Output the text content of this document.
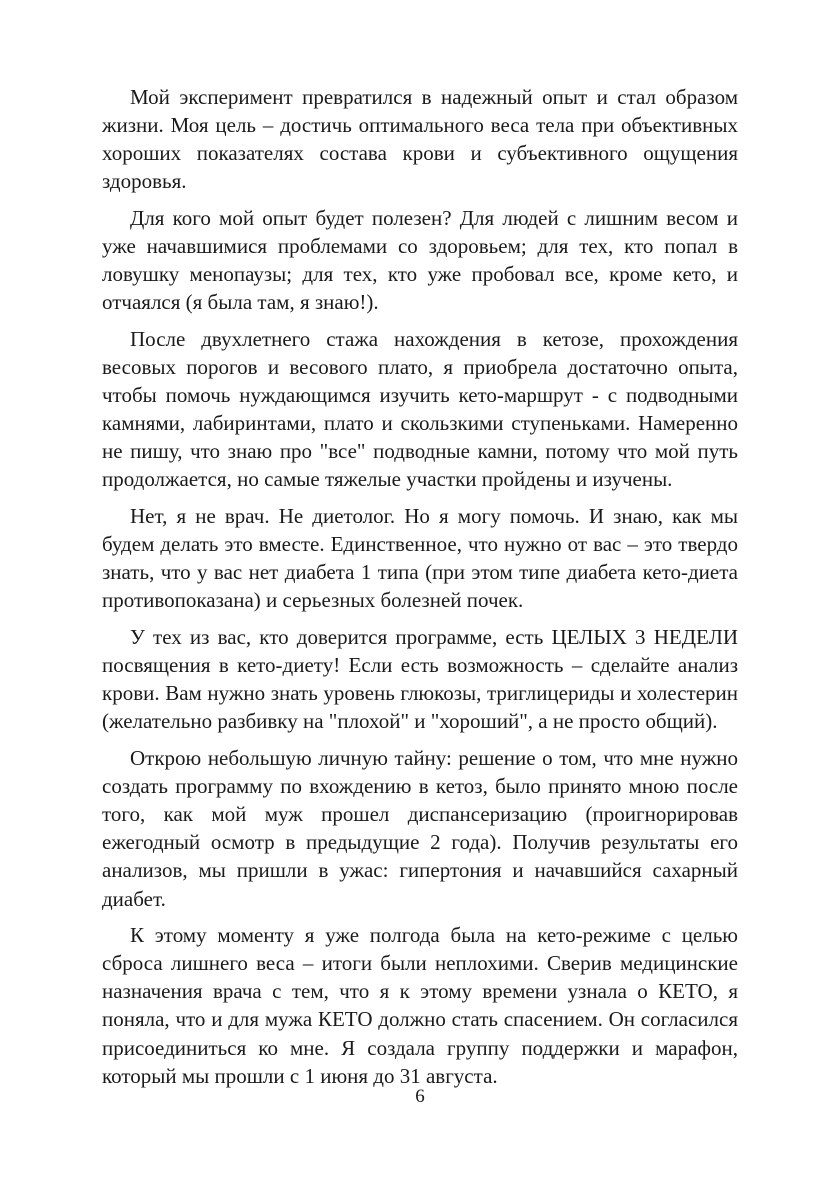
Мой эксперимент превратился в надежный опыт и стал образом жизни. Моя цель – достичь оптимального веса тела при объективных хороших показателях состава крови и субъективного ощущения здоровья.

Для кого мой опыт будет полезен? Для людей с лишним весом и уже начавшимися проблемами со здоровьем; для тех, кто попал в ловушку менопаузы; для тех, кто уже пробовал все, кроме кето, и отчаялся (я была там, я знаю!).

После двухлетнего стажа нахождения в кетозе, прохождения весовых порогов и весового плато, я приобрела достаточно опыта, чтобы помочь нуждающимся изучить кето-маршрут - с подводными камнями, лабиринтами, плато и скользкими ступеньками. Намеренно не пишу, что знаю про "все" подводные камни, потому что мой путь продолжается, но самые тяжелые участки пройдены и изучены.

Нет, я не врач. Не диетолог. Но я могу помочь. И знаю, как мы будем делать это вместе. Единственное, что нужно от вас – это твердо знать, что у вас нет диабета 1 типа (при этом типе диабета кето-диета противопоказана) и серьезных болезней почек.

У тех из вас, кто доверится программе, есть ЦЕЛЫХ 3 НЕДЕЛИ посвящения в кето-диету! Если есть возможность – сделайте анализ крови. Вам нужно знать уровень глюкозы, триглицериды и холестерин (желательно разбивку на "плохой" и "хороший", а не просто общий).

Открою небольшую личную тайну: решение о том, что мне нужно создать программу по вхождению в кетоз, было принято мною после того, как мой муж прошел диспансеризацию (проигнорировав ежегодный осмотр в предыдущие 2 года). Получив результаты его анализов, мы пришли в ужас: гипертония и начавшийся сахарный диабет.

К этому моменту я уже полгода была на кето-режиме с целью сброса лишнего веса – итоги были неплохими. Сверив медицинские назначения врача с тем, что я к этому времени узнала о КЕТО, я поняла, что и для мужа КЕТО должно стать спасением. Он согласился присоединиться ко мне. Я создала группу поддержки и марафон, который мы прошли с 1 июня до 31 августа.

6
